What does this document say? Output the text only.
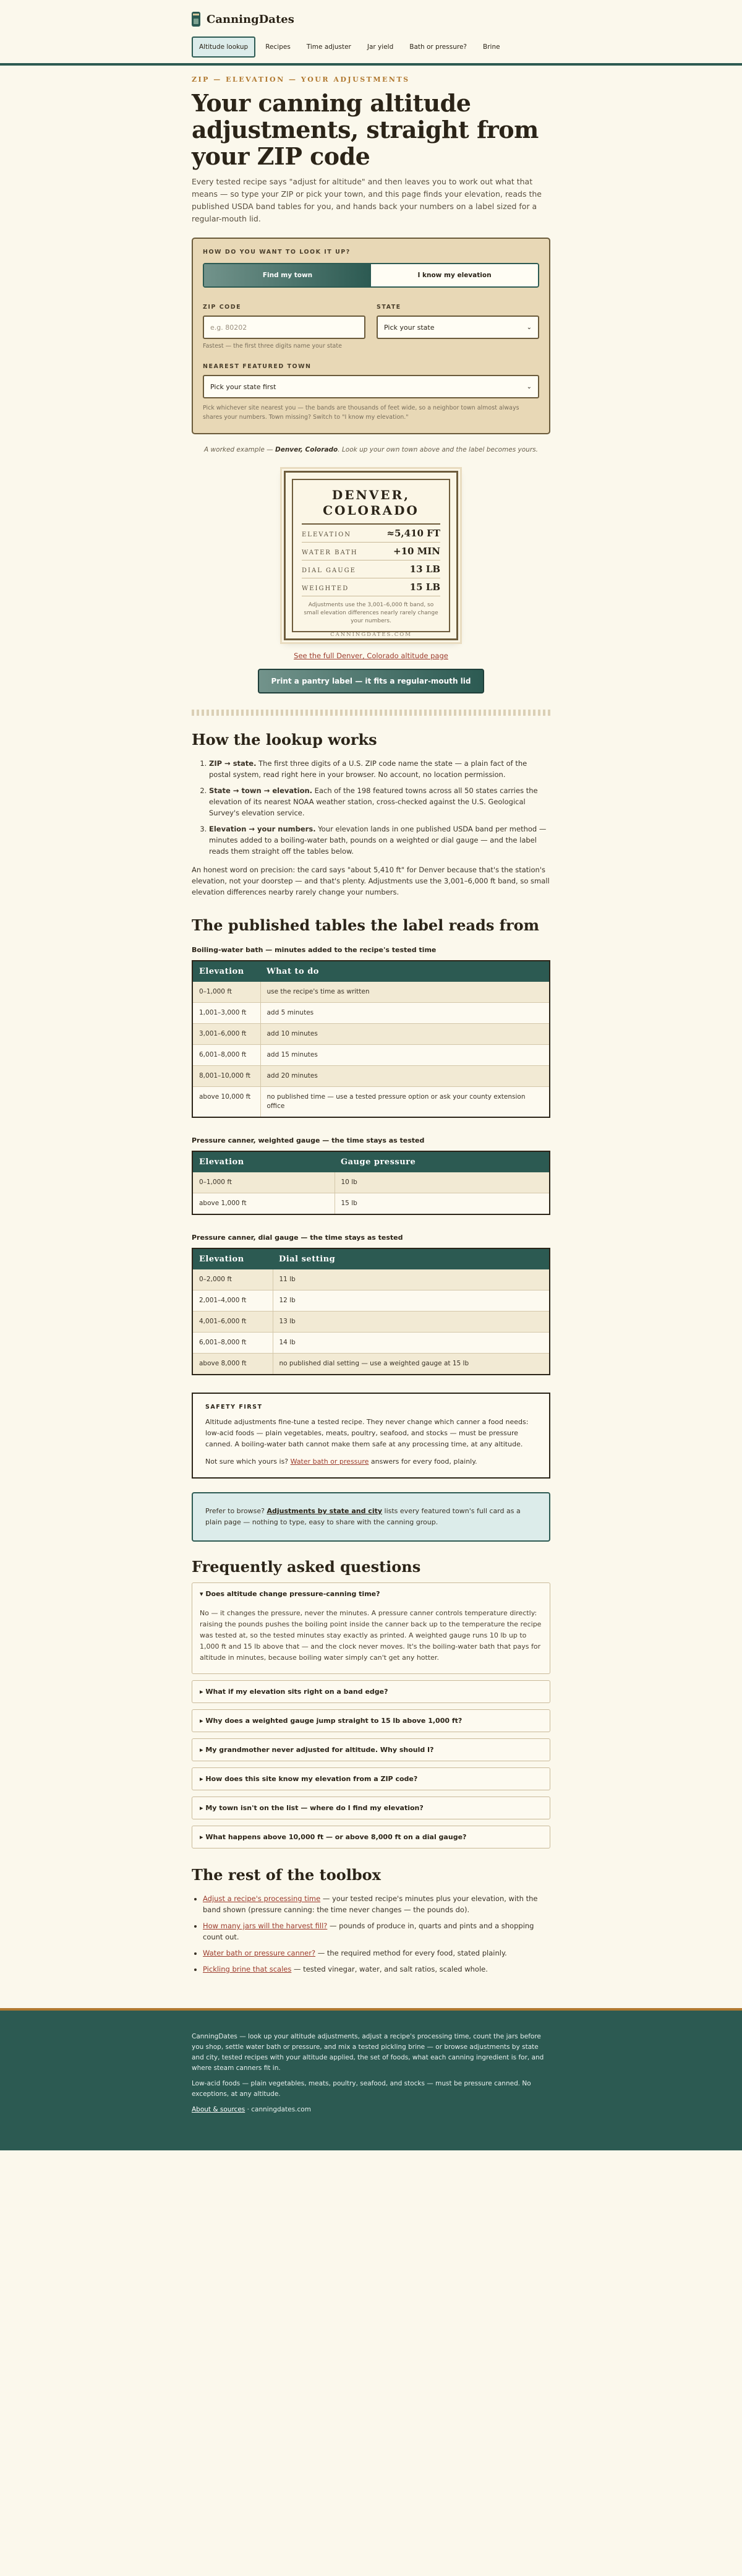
CanningDates
Altitude lookup	Recipes	Time adjuster	Jar yield	Bath or pressure?	Brine
ZIP — ELEVATION — YOUR ADJUSTMENTS
Your canning altitude adjustments, straight from your ZIP code

Every tested recipe says "adjust for altitude" and then leaves you to work out what that means — so type your ZIP or pick your town, and this page finds your elevation, reads the published USDA band tables for you, and hands back your numbers on a label sized for a regular-mouth lid.

HOW DO YOU WANT TO LOOK IT UP?
Find my town	I know my elevation
ZIP CODE
e.g. 80202
Fastest — the first three digits name your state
STATE
Pick your state	⌄
NEAREST FEATURED TOWN
Pick your state first	⌄
Pick whichever site nearest you — the bands are thousands of feet wide, so a neighbor town almost always shares your numbers. Town missing? Switch to "I know my elevation."

A worked example — Denver, Colorado. Look up your own town above and the label becomes yours.

DENVER, COLORADO
ELEVATION	≈5,410 FT
WATER BATH	+10 MIN
DIAL GAUGE	13 LB
WEIGHTED	15 LB
Adjustments use the 3,001–6,000 ft band, so small elevation differences nearly rarely change your numbers.
CANNINGDATES.COM
See the full Denver, Colorado altitude page
Print a pantry label — it fits a regular-mouth lid
How the lookup works
1. ZIP → state. The first three digits of a U.S. ZIP code name the state — a plain fact of the postal system, read right here in your browser. No account, no location permission.
2. State → town → elevation. Each of the 198 featured towns across all 50 states carries the elevation of its nearest NOAA weather station, cross-checked against the U.S. Geological Survey's elevation service.
3. Elevation → your numbers. Your elevation lands in one published USDA band per method — minutes added to a boiling-water bath, pounds on a weighted or dial gauge — and the label reads them straight off the tables below.

An honest word on precision: the card says "about 5,410 ft" for Denver because that's the station's elevation, not your doorstep — and that's plenty. Adjustments use the 3,001–6,000 ft band, so small elevation differences nearby rarely change your numbers.

The published tables the label reads from
Boiling-water bath — minutes added to the recipe's tested time
Elevation	What to do
0–1,000 ft	use the recipe's time as written
1,001–3,000 ft	add 5 minutes
3,001–6,000 ft	add 10 minutes
6,001–8,000 ft	add 15 minutes
8,001–10,000 ft	add 20 minutes
above 10,000 ft	no published time — use a tested pressure option or ask your county extension office
Pressure canner, weighted gauge — the time stays as tested
Elevation	Gauge pressure
0–1,000 ft	10 lb
above 1,000 ft	15 lb
Pressure canner, dial gauge — the time stays as tested
Elevation	Dial setting
0–2,000 ft	11 lb
2,001–4,000 ft	12 lb
4,001–6,000 ft	13 lb
6,001–8,000 ft	14 lb
above 8,000 ft	no published dial setting — use a weighted gauge at 15 lb
SAFETY FIRST

Altitude adjustments fine-tune a tested recipe. They never change which canner a food needs: low-acid foods — plain vegetables, meats, poultry, seafood, and stocks — must be pressure canned. A boiling-water bath cannot make them safe at any processing time, at any altitude.

Not sure which yours is? Water bath or pressure answers for every food, plainly.

Prefer to browse? Adjustments by state and city lists every featured town's full card as a plain page — nothing to type, easy to share with the canning group.
Frequently asked questions
▾ Does altitude change pressure-canning time?
No — it changes the pressure, never the minutes. A pressure canner controls temperature directly: raising the pounds pushes the boiling point inside the canner back up to the temperature the recipe was tested at, so the tested minutes stay exactly as printed. A weighted gauge runs 10 lb up to 1,000 ft and 15 lb above that — and the clock never moves. It's the boiling-water bath that pays for altitude in minutes, because boiling water simply can't get any hotter.
▸ What if my elevation sits right on a band edge?
▸ Why does a weighted gauge jump straight to 15 lb above 1,000 ft?
▸ My grandmother never adjusted for altitude. Why should I?
▸ How does this site know my elevation from a ZIP code?
▸ My town isn't on the list — where do I find my elevation?
▸ What happens above 10,000 ft — or above 8,000 ft on a dial gauge?
The rest of the toolbox
• Adjust a recipe's processing time — your tested recipe's minutes plus your elevation, with the band shown (pressure canning: the time never changes — the pounds do).
• How many jars will the harvest fill? — pounds of produce in, quarts and pints and a shopping count out.
• Water bath or pressure canner? — the required method for every food, stated plainly.
• Pickling brine that scales — tested vinegar, water, and salt ratios, scaled whole.

CanningDates — look up your altitude adjustments, adjust a recipe's processing time, count the jars before you shop, settle water bath or pressure, and mix a tested pickling brine — or browse adjustments by state and city, tested recipes with your altitude applied, the set of foods, what each canning ingredient is for, and where steam canners fit in.

Low-acid foods — plain vegetables, meats, poultry, seafood, and stocks — must be pressure canned. No exceptions, at any altitude.

About & sources · canningdates.com
